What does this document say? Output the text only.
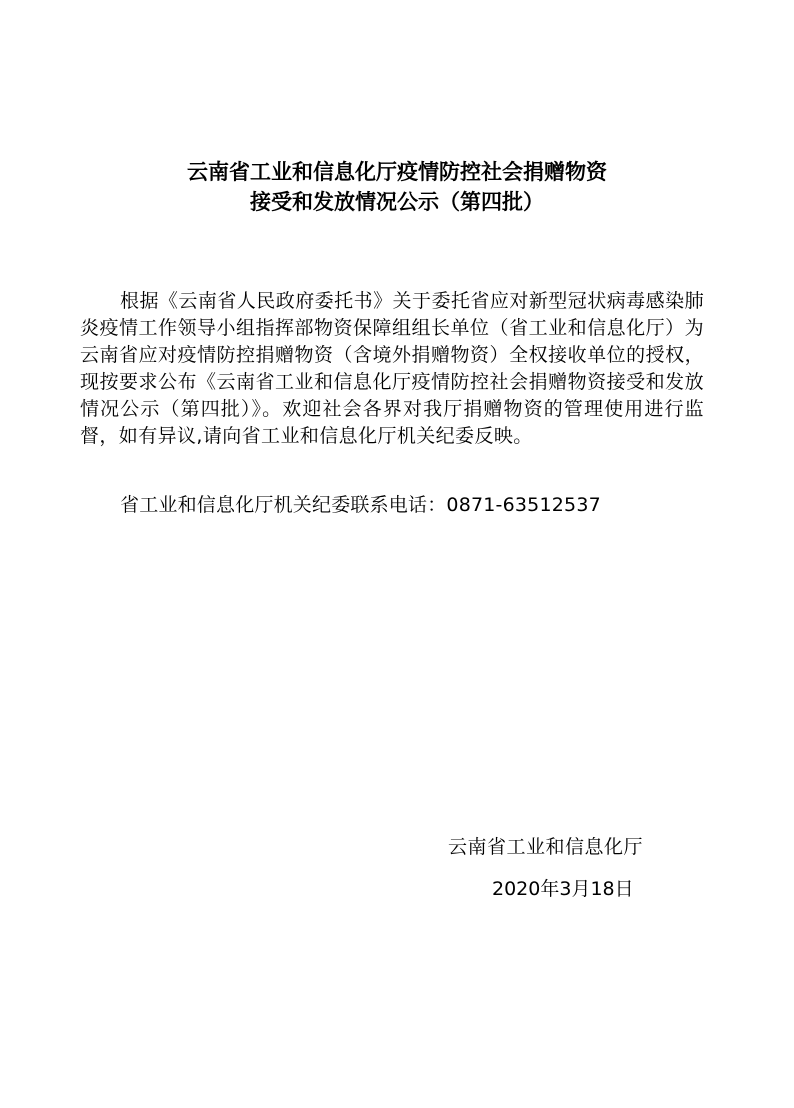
云南省工业和信息化厅疫情防控社会捐赠物资
接受和发放情况公示（第四批）

根据《云南省人民政府委托书》关于委托省应对新型冠状病毒感染肺炎疫情工作领导小组指挥部物资保障组组长单位（省工业和信息化厅）为云南省应对疫情防控捐赠物资（含境外捐赠物资）全权接收单位的授权，现按要求公布《云南省工业和信息化厅疫情防控社会捐赠物资接受和发放情况公示（第四批）》。欢迎社会各界对我厅捐赠物资的管理使用进行监督，如有异议,请向省工业和信息化厅机关纪委反映。

省工业和信息化厅机关纪委联系电话：0871-63512537
云南省工业和信息化厅
2020年3月18日
